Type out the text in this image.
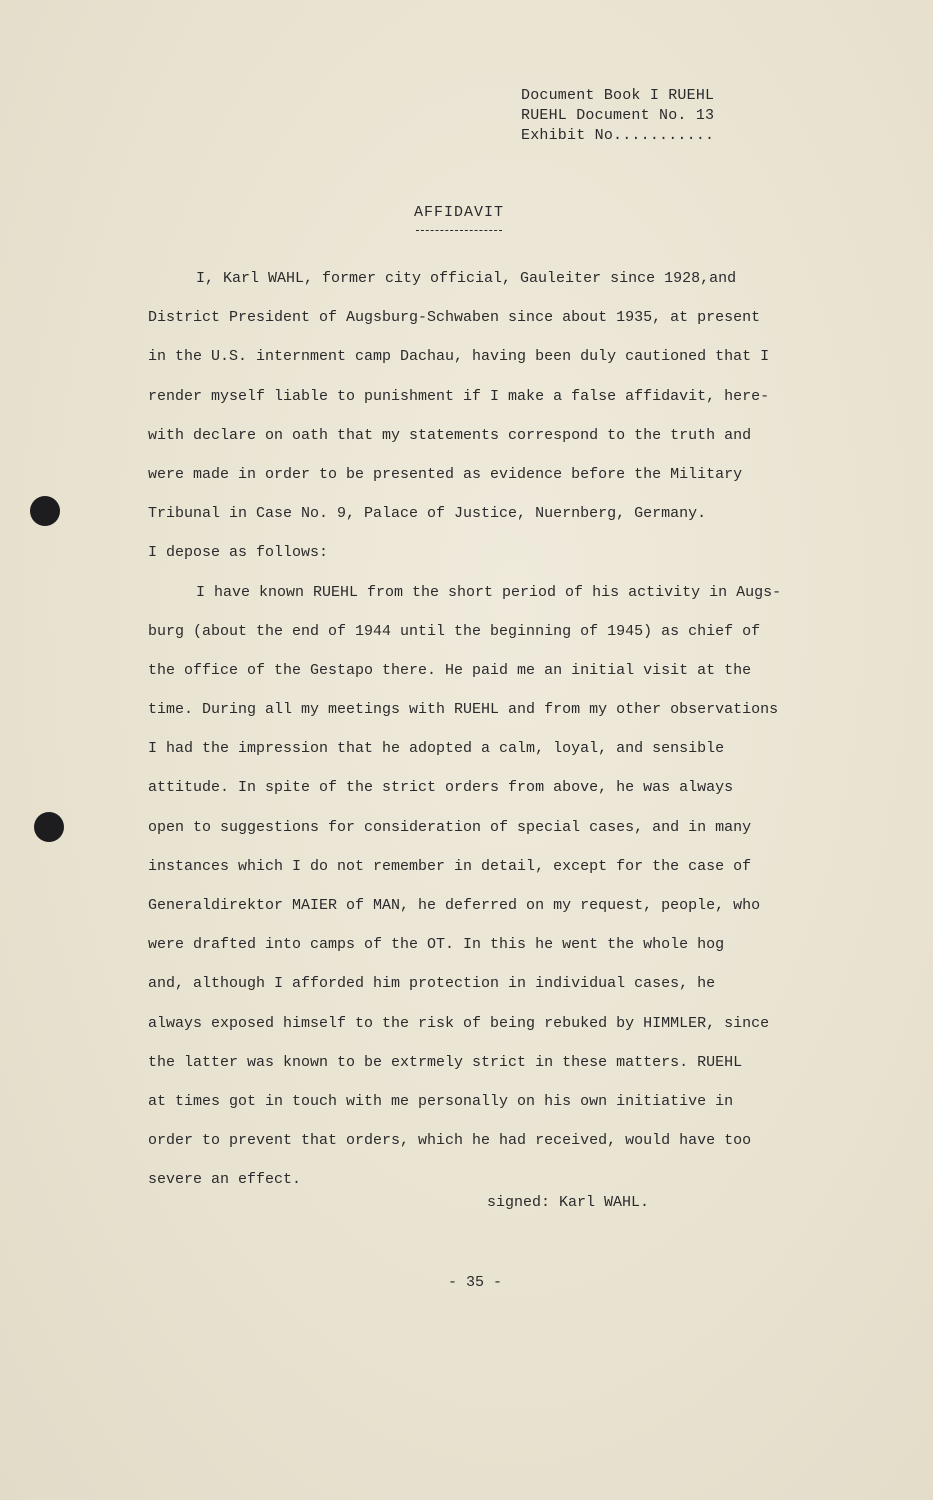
Document Book I RUEHL
RUEHL Document No. 13
Exhibit No...........
AFFIDAVIT
I, Karl WAHL, former city official, Gauleiter since 1928,and
District President of Augsburg-Schwaben since about 1935, at present
in the U.S. internment camp Dachau, having been duly cautioned that I
render myself liable to punishment if I make a false affidavit, here-
with declare on oath that my statements correspond to the truth and
were made in order to be presented as evidence before the Military
Tribunal in Case No. 9, Palace of Justice, Nuernberg, Germany.
I depose as follows:
I have known RUEHL from the short period of his activity in Augs-
burg (about the end of 1944 until the beginning of 1945) as chief of
the office of the Gestapo there. He paid me an initial visit at the
time. During all my meetings with RUEHL and from my other observations
I had the impression that he adopted a calm, loyal, and sensible
attitude. In spite of the strict orders from above, he was always
open to suggestions for consideration of special cases, and in many
instances which I do not remember in detail, except for the case of
Generaldirektor MAIER of MAN, he deferred on my request, people, who
were drafted into camps of the OT. In this he went the whole hog
and, although I afforded him protection in individual cases, he
always exposed himself to the risk of being rebuked by HIMMLER, since
the latter was known to be extrmely strict in these matters. RUEHL
at times got in touch with me personally on his own initiative in
order to prevent that orders, which he had received, would have too
severe an effect.
signed: Karl WAHL.
- 35 -
